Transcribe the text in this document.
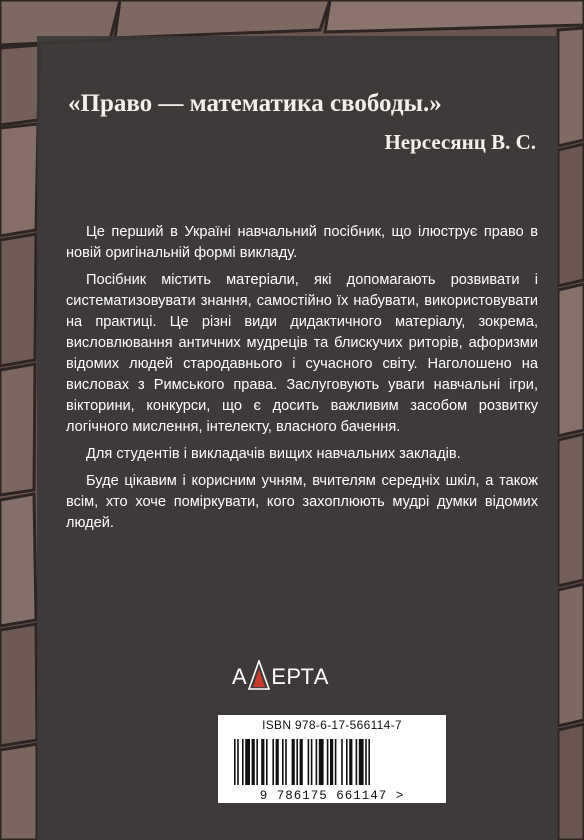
«Право — математика свободы.»
Нерсесянц В. С.

Це перший в Україні навчальний посібник, що ілюструє право в новій оригінальній формі викладу.

Посібник містить матеріали, які допомагають розвивати і систематизовувати знання, самостійно їх набувати, використовувати на практиці. Це різні види дидактичного матеріалу, зокрема, висловлювання античних мудреців та блискучих риторів, афоризми відомих людей стародавнього і сучасного світу. Наголошено на висловах з Римського права. Заслуговують уваги навчальні ігри, вікторини, конкурси, що є досить важливим засобом розвитку логічного мислення, інтелекту, власного бачення.

Для студентів і викладачів вищих навчальних закладів.

Буде цікавим і корисним учням, вчителям середніх шкіл, а також всім, хто хоче поміркувати, кого захоплюють мудрі думки відомих людей.

А ЕРТА
ISBN 978-6-17-566114-7
9 786175 661147 >
